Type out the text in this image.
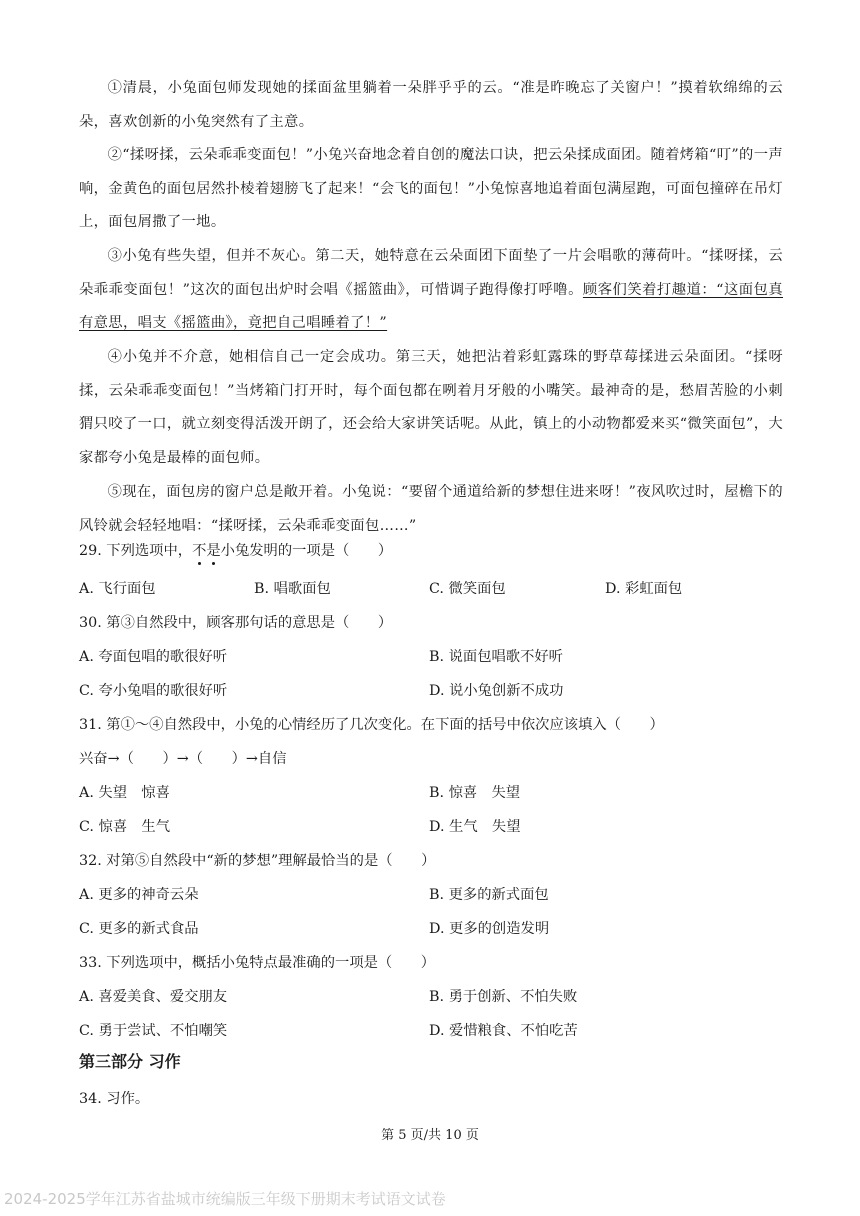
①清晨，小兔面包师发现她的揉面盆里躺着一朵胖乎乎的云。“准是昨晚忘了关窗户！”摸着软绵绵的云朵，喜欢创新的小兔突然有了主意。

②“揉呀揉，云朵乖乖变面包！”小兔兴奋地念着自创的魔法口诀，把云朵揉成面团。随着烤箱“叮”的一声响，金黄色的面包居然扑棱着翅膀飞了起来！“会飞的面包！”小兔惊喜地追着面包满屋跑，可面包撞碎在吊灯上，面包屑撒了一地。

③小兔有些失望，但并不灰心。第二天，她特意在云朵面团下面垫了一片会唱歌的薄荷叶。“揉呀揉，云朵乖乖变面包！”这次的面包出炉时会唱《摇篮曲》，可惜调子跑得像打呼噜。顾客们笑着打趣道：“这面包真有意思，唱支《摇篮曲》，竟把自己唱睡着了！”

④小兔并不介意，她相信自己一定会成功。第三天，她把沾着彩虹露珠的野草莓揉进云朵面团。“揉呀揉，云朵乖乖变面包！”当烤箱门打开时，每个面包都在咧着月牙般的小嘴笑。最神奇的是，愁眉苦脸的小刺猬只咬了一口，就立刻变得活泼开朗了，还会给大家讲笑话呢。从此，镇上的小动物都爱来买“微笑面包”，大家都夸小兔是最棒的面包师。

⑤现在，面包房的窗户总是敞开着。小兔说：“要留个通道给新的梦想住进来呀！”夜风吹过时，屋檐下的风铃就会轻轻地唱：“揉呀揉，云朵乖乖变面包……”

29. 下列选项中，不是小兔发明的一项是（　　）
A. 飞行面包	B. 唱歌面包	C. 微笑面包	D. 彩虹面包
30. 第③自然段中，顾客那句话的意思是（　　）
A. 夸面包唱的歌很好听	B. 说面包唱歌不好听
C. 夸小兔唱的歌很好听	D. 说小兔创新不成功
31. 第①～④自然段中，小兔的心情经历了几次变化。在下面的括号中依次应该填入（　　）
兴奋→（　　）→（　　）→自信
A. 失望　惊喜	B. 惊喜　失望
C. 惊喜　生气	D. 生气　失望
32. 对第⑤自然段中“新的梦想”理解最恰当的是（　　）
A. 更多的神奇云朵	B. 更多的新式面包
C. 更多的新式食品	D. 更多的创造发明
33. 下列选项中，概括小兔特点最准确的一项是（　　）
A. 喜爱美食、爱交朋友	B. 勇于创新、不怕失败
C. 勇于尝试、不怕嘲笑	D. 爱惜粮食、不怕吃苦
第三部分 习作
34. 习作。
第 5 页/共 10 页
2024-2025学年江苏省盐城市统编版三年级下册期末考试语文试卷
